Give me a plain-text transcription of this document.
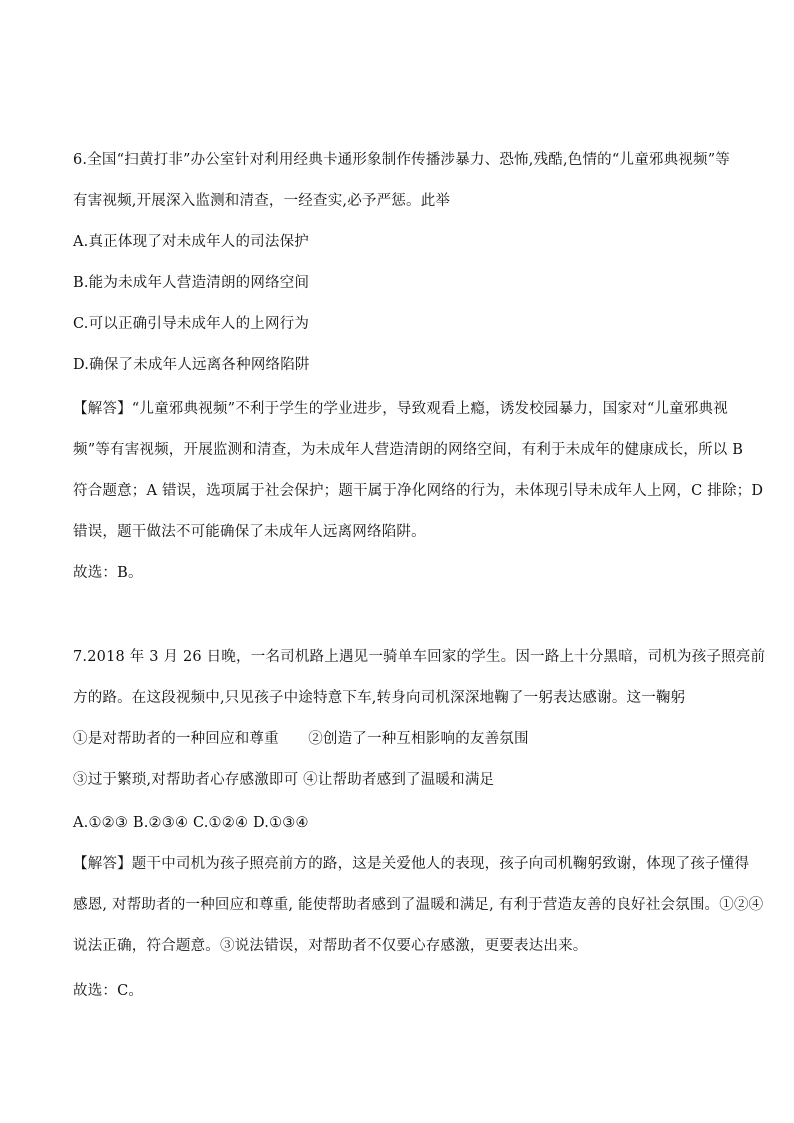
6.全国“扫黄打非”办公室针对利用经典卡通形象制作传播涉暴力、恐怖,残酷,色情的“儿童邪典视频”等
有害视频,开展深入监测和清查，一经查实,必予严惩。此举
A.真正体现了对未成年人的司法保护
B.能为未成年人营造清朗的网络空间
C.可以正确引导未成年人的上网行为
D.确保了未成年人远离各种网络陷阱
【解答】“儿童邪典视频”不利于学生的学业进步，导致观看上瘾，诱发校园暴力，国家对“儿童邪典视
频”等有害视频，开展监测和清查，为未成年人营造清朗的网络空间，有利于未成年的健康成长，所以 B
符合题意；A 错误，选项属于社会保护；题干属于净化网络的行为，未体现引导未成年人上网，C 排除；D
错误，题干做法不可能确保了未成年人远离网络陷阱。
故选：B。
7.2018 年 3 月 26 日晚，一名司机路上遇见一骑单车回家的学生。因一路上十分黑暗，司机为孩子照亮前
方的路。在这段视频中,只见孩子中途特意下车,转身向司机深深地鞠了一躬表达感谢。这一鞠躬
①是对帮助者的一种回应和尊重　　②创造了一种互相影响的友善氛围
③过于繁琐,对帮助者心存感激即可 ④让帮助者感到了温暖和满足
A.①②③ B.②③④ C.①②④ D.①③④
【解答】题干中司机为孩子照亮前方的路，这是关爱他人的表现，孩子向司机鞠躬致谢，体现了孩子懂得
感恩, 对帮助者的一种回应和尊重, 能使帮助者感到了温暖和满足, 有利于营造友善的良好社会氛围。①②④
说法正确，符合题意。③说法错误，对帮助者不仅要心存感激，更要表达出来。
故选：C。
